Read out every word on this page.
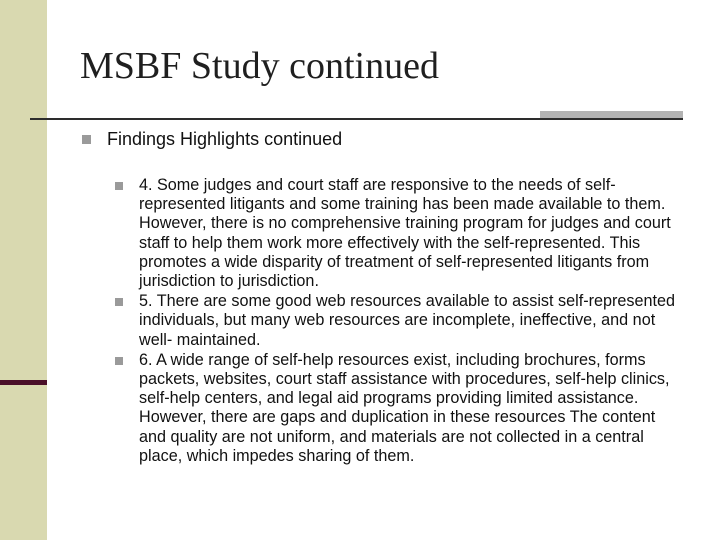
MSBF Study continued
Findings Highlights continued
4. Some judges and court staff are responsive to the needs of self-represented litigants and some training has been made available to them. However, there is no comprehensive training program for judges and court staff to help them work more effectively with the self-represented. This promotes a wide disparity of treatment of self-represented litigants from jurisdiction to jurisdiction.
5. There are some good web resources available to assist self-represented individuals, but many web resources are incomplete, ineffective, and not well- maintained.
6. A wide range of self-help resources exist, including brochures, forms packets, websites, court staff assistance with procedures, self-help clinics, self-help centers, and legal aid programs providing limited assistance. However, there are gaps and duplication in these resources The content and quality are not uniform, and materials are not collected in a central place, which impedes sharing of them.
